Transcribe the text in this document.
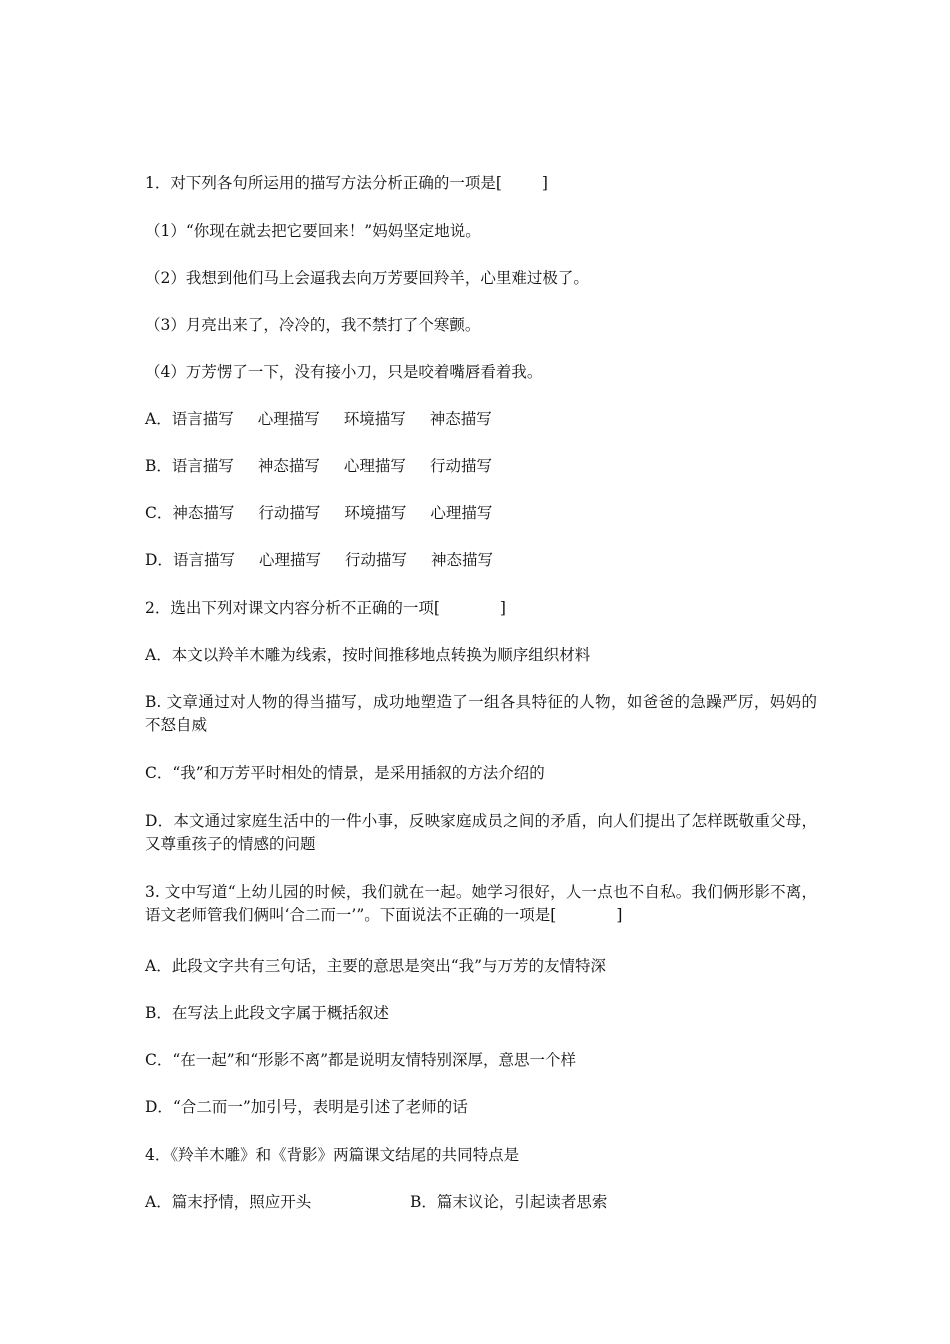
1．对下列各句所运用的描写方法分析正确的一项是[	]
（1）“你现在就去把它要回来！”妈妈坚定地说。
（2）我想到他们马上会逼我去向万芳要回羚羊，心里难过极了。
（3）月亮出来了，冷冷的，我不禁打了个寒颤。
（4）万芳愣了一下，没有接小刀，只是咬着嘴唇看着我。
A．语言描写 心理描写 环境描写 神态描写
B．语言描写 神态描写 心理描写 行动描写
C．神态描写 行动描写 环境描写 心理描写
D．语言描写 心理描写 行动描写 神态描写
2．选出下列对课文内容分析不正确的一项[	]
A．本文以羚羊木雕为线索，按时间推移地点转换为顺序组织材料
B. 文章通过对人物的得当描写，成功地塑造了一组各具特征的人物，如爸爸的急躁严厉，妈妈的不怒自威
C．“我”和万芳平时相处的情景，是采用插叙的方法介绍的
D．本文通过家庭生活中的一件小事，反映家庭成员之间的矛盾，向人们提出了怎样既敬重父母，又尊重孩子的情感的问题
3. 文中写道“上幼儿园的时候，我们就在一起。她学习很好，人一点也不自私。我们俩形影不离，语文老师管我们俩叫‘合二而一’”。下面说法不正确的一项是[	]
A．此段文字共有三句话，主要的意思是突出“我”与万芳的友情特深
B．在写法上此段文字属于概括叙述
C．“在一起”和“形影不离”都是说明友情特别深厚，意思一个样
D．“合二而一”加引号，表明是引述了老师的话
4．《羚羊木雕》和《背影》两篇课文结尾的共同特点是
A．篇末抒情，照应开头	B．篇末议论，引起读者思索
